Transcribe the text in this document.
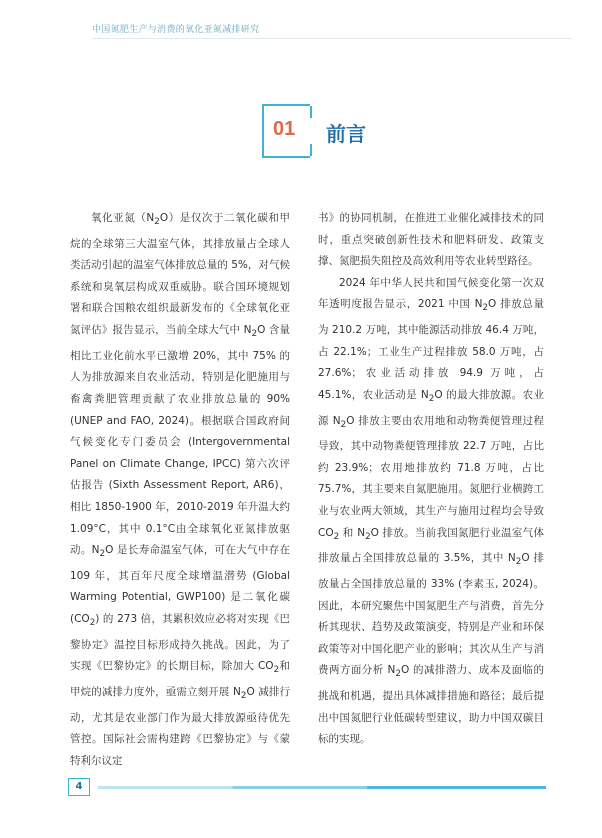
中国氮肥生产与消费的氧化亚氮减排研究
01 前言

氧化亚氮$(N_2O)$是仅次于二氧化碳和甲烷的全球第三大温室气体，其排放量占全球人类活动引起的温室气体排放总量的 5%，对气候系统和臭氧层构成双重威胁。联合国环境规划署和联合国粮农组织最新发布的《全球氧化亚氮评估》报告显示，当前全球大气中 $N_2O$ 含量相比工业化前水平已激增 20%，其中 75% 的人为排放源来自农业活动，特别是化肥施用与畜禽粪肥管理贡献了农业排放总量的 90% (UNEP and FAO, 2024)。根据联合国政府间气候变化专门委员会 (Intergovernmental Panel on Climate Change, IPCC) 第六次评估报告 (Sixth Assessment Report, AR6)，相比 1850-1900 年，2010-2019 年升温大约 1.09°C，其中 0.1°C由全球氧化亚氮排放驱动。$N_2O$ 是长寿命温室气体，可在大气中存在 109 年，其百年尺度全球增温潜势 (Global Warming Potential, GWP100) 是二氧化碳 $(CO_2)$ 的 273 倍，其累积效应必将对实现《巴黎协定》温控目标形成持久挑战。因此，为了实现《巴黎协定》的长期目标，除加大 $CO_2$和甲烷的减排力度外，亟需立刻开展 $N_2O$ 减排行动，尤其是农业部门作为最大排放源亟待优先管控。国际社会需构建跨《巴黎协定》与《蒙特利尔议定

书》的协同机制，在推进工业催化减排技术的同时，重点突破创新性技术和肥料研发、政策支撑、氮肥损失阻控及高效利用等农业转型路径。

2024 年中华人民共和国气候变化第一次双年透明度报告显示，2021 中国 $N_2O$ 排放总量为 210.2 万吨，其中能源活动排放 46.4 万吨，占 22.1%；工业生产过程排放 58.0 万吨，占 27.6%；农业活动排放 94.9 万吨，占 45.1%，农业活动是 $N_2O$ 的最大排放源。农业源 $N_2O$ 排放主要由农用地和动物粪便管理过程导致，其中动物粪便管理排放 22.7 万吨，占比约 23.9%；农用地排放约 71.8 万吨，占比 75.7%，其主要来自氮肥施用。氮肥行业横跨工业与农业两大领域，其生产与施用过程均会导致 $CO_2$ 和 $N_2O$ 排放。当前我国氮肥行业温室气体排放量占全国排放总量的 3.5%，其中 $N_2O$ 排放量占全国排放总量的 33% (李素玉, 2024)。因此，本研究聚焦中国氮肥生产与消费，首先分析其现状、趋势及政策演变，特别是产业和环保政策等对中国化肥产业的影响；其次从生产与消费两方面分析 $N_2O$ 的减排潜力、成本及面临的挑战和机遇，提出具体减排措施和路径；最后提出中国氮肥行业低碳转型建议，助力中国双碳目标的实现。

4
